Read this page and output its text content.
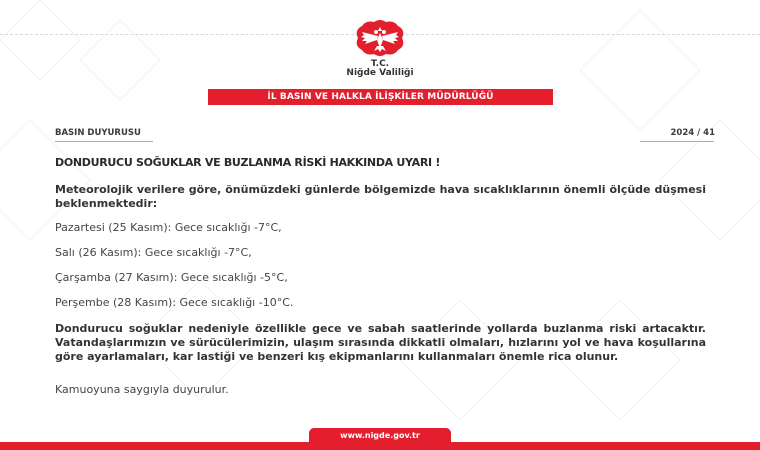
T.C.
Niğde Valiliği
İL BASIN VE HALKLA İLİŞKİLER MÜDÜRLÜĞÜ
BASIN DUYURUSU	2024 / 41
DONDURUCU SOĞUKLAR VE BUZLANMA RİSKİ HAKKINDA UYARI !
Meteorolojik verilere göre, önümüzdeki günlerde bölgemizde hava sıcaklıklarının önemli ölçüde düşmesi beklenmektedir:
Pazartesi (25 Kasım): Gece sıcaklığı -7°C,
Salı (26 Kasım): Gece sıcaklığı -7°C,
Çarşamba (27 Kasım): Gece sıcaklığı -5°C,
Perşembe (28 Kasım): Gece sıcaklığı -10°C.
Dondurucu soğuklar nedeniyle özellikle gece ve sabah saatlerinde yollarda buzlanma riski artacaktır. Vatandaşlarımızın ve sürücülerimizin, ulaşım sırasında dikkatli olmaları, hızlarını yol ve hava koşullarına göre ayarlamaları, kar lastiği ve benzeri kış ekipmanlarını kullanmaları önemle rica olunur.
Kamuoyuna saygıyla duyurulur.
www.nigde.gov.tr
